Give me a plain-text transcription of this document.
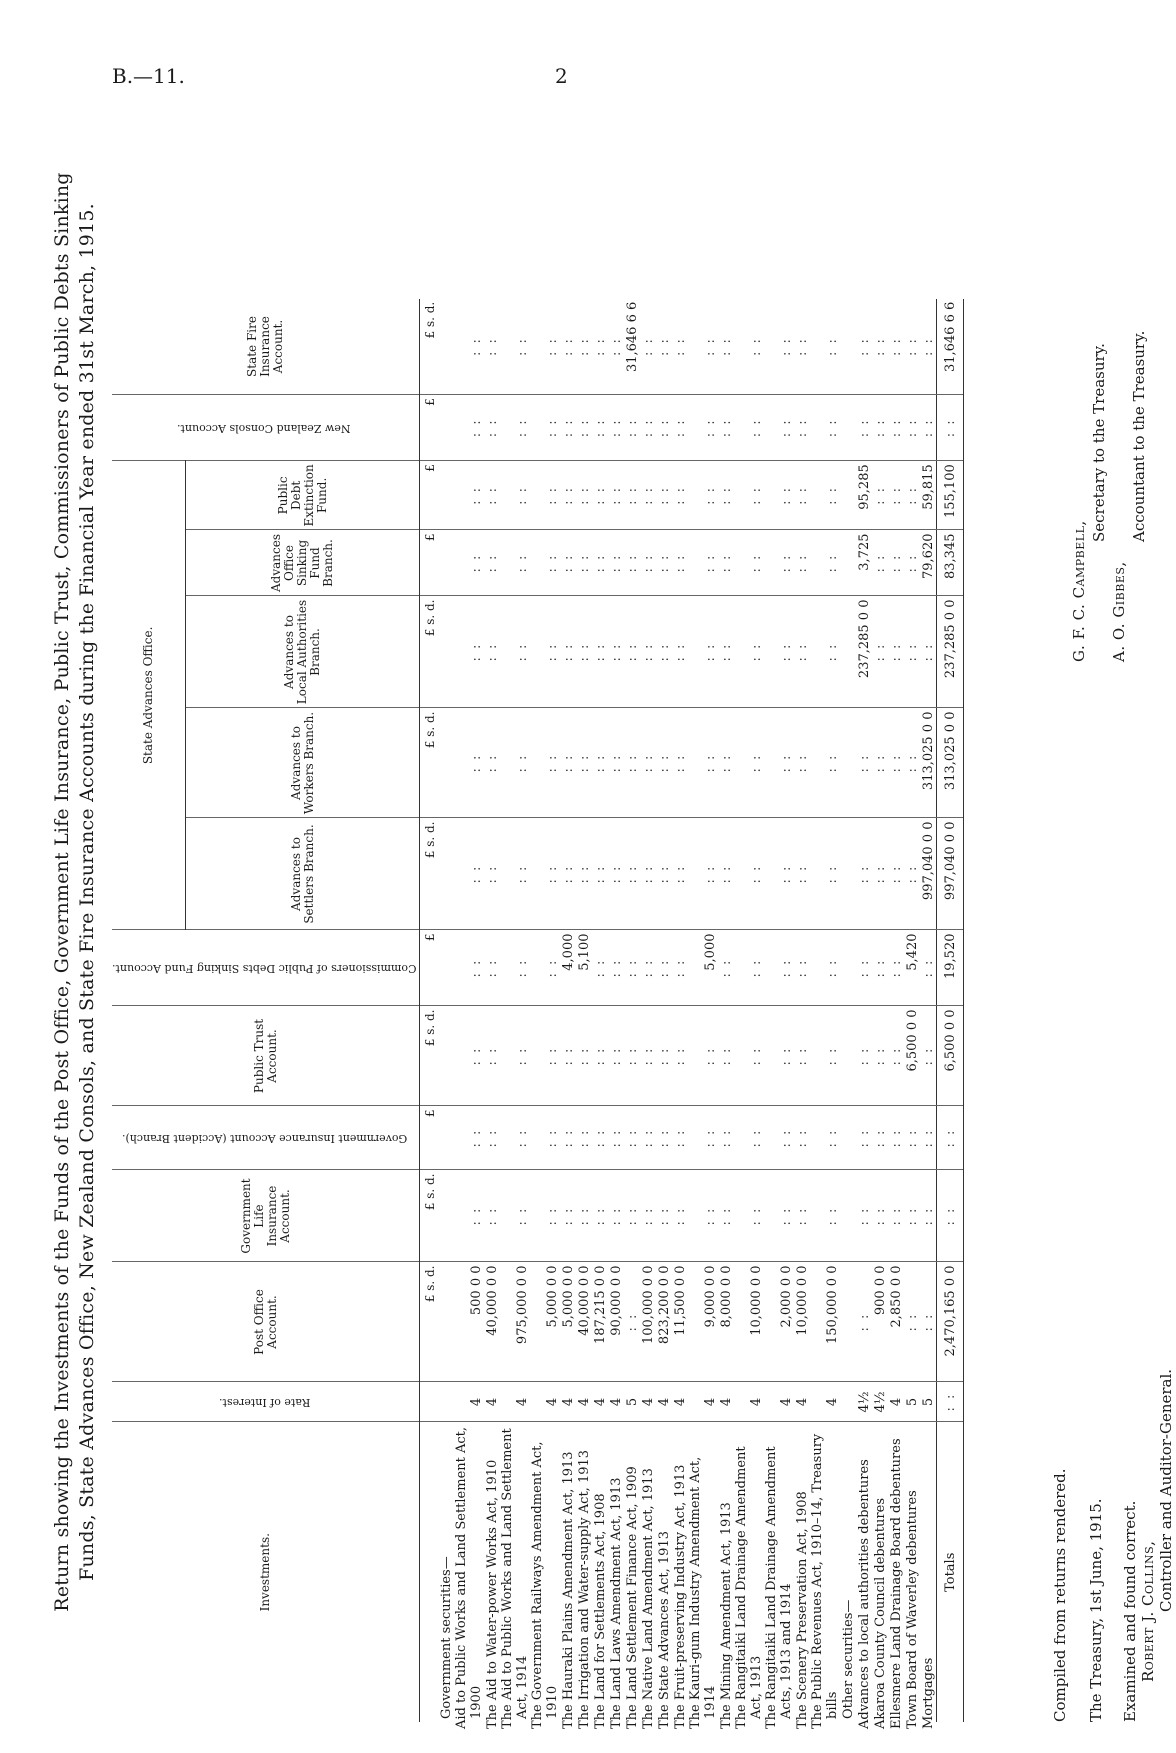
B.—11.	2
Return showing the Investments of the Funds of the Post Office, Government Life Insurance, Public Trust, Commissioners of Public Debts Sinking Funds, State Advances Office, New Zealand Consols, and State Fire Insurance Accounts during the Financial Year ended 31st March, 1915.	Investments.	Rate of Interest.	Post Office Account.	Government Life Insurance Account.	Government Insurance Account (Accident Branch).	Public Trust Account.	Commissioners of Public Debts Sinking Fund Account.	State Advances Office.					New Zealand Consols Account.	State Fire Insurance Account.
							Advances to Settlers Branch.	Advances to Workers Branch.	Advances to Local Authorities Branch.	Advances Office Sinking Fund Branch.	Public Debt Extinction Fund.		
		£ s. d.	£ s. d.	£	£ s. d.	£	£ s. d.	£ s. d.	£ s. d.	£	£	£	£ s. d.
Government securities—													
Aid to Public Works and Land Settlement Act, 1900	4	500 0 0	: :	: :	: :	: :	: :	: :	: :	: :	: :	: :	: :
The Aid to Water-power Works Act, 1910	4	40,000 0 0	: :	: :	: :	: :	: :	: :	: :	: :	: :	: :	: :
The Aid to Public Works and Land Settlement Act, 1914	4	975,000 0 0	: :	: :	: :	: :	: :	: :	: :	: :	: :	: :	: :
The Government Railways Amendment Act, 1910	4	5,000 0 0	: :	: :	: :	: :	: :	: :	: :	: :	: :	: :	: :
The Hauraki Plains Amendment Act, 1913	4	5,000 0 0	: :	: :	: :	4,000	: :	: :	: :	: :	: :	: :	: :
The Irrigation and Water-supply Act, 1913	4	40,000 0 0	: :	: :	: :	5,100	: :	: :	: :	: :	: :	: :	: :
The Land for Settlements Act, 1908	4	187,215 0 0	: :	: :	: :	: :	: :	: :	: :	: :	: :	: :	: :
The Land Laws Amendment Act, 1913	4	90,000 0 0	: :	: :	: :	: :	: :	: :	: :	: :	: :	: :	: :
The Land Settlement Finance Act, 1909	5	: :	: :	: :	: :	: :	: :	: :	: :	: :	: :	: :	31,646 6 6
The Native Land Amendment Act, 1913	4	100,000 0 0	: :	: :	: :	: :	: :	: :	: :	: :	: :	: :	: :
The State Advances Act, 1913	4	823,200 0 0	: :	: :	: :	: :	: :	: :	: :	: :	: :	: :	: :
The Fruit-preserving Industry Act, 1913	4	11,500 0 0	: :	: :	: :	: :	: :	: :	: :	: :	: :	: :	: :
The Kauri-gum Industry Amendment Act, 1914	4	9,000 0 0	: :	: :	: :	5,000	: :	: :	: :	: :	: :	: :	: :
The Mining Amendment Act, 1913	4	8,000 0 0	: :	: :	: :	: :	: :	: :	: :	: :	: :	: :	: :
The Rangitaiki Land Drainage Amendment Act, 1913	4	10,000 0 0	: :	: :	: :	: :	: :	: :	: :	: :	: :	: :	: :
The Rangitaiki Land Drainage Amendment Acts, 1913 and 1914	4	2,000 0 0	: :	: :	: :	: :	: :	: :	: :	: :	: :	: :	: :
The Scenery Preservation Act, 1908	4	10,000 0 0	: :	: :	: :	: :	: :	: :	: :	: :	: :	: :	: :
The Public Revenues Act, 1910–14, Treasury bills	4	150,000 0 0	: :	: :	: :	: :	: :	: :	: :	: :	: :	: :	: :
Other securities—													
Advances to local authorities debentures	4½	: :	: :	: :	: :	: :	: :	: :	237,285 0 0	3,725	95,285	: :	: :
Akaroa County Council debentures	4½	900 0 0	: :	: :	: :	: :	: :	: :	: :	: :	: :	: :	: :
Ellesmere Land Drainage Board debentures	4	2,850 0 0	: :	: :	: :	: :	: :	: :	: :	: :	: :	: :	: :
Town Board of Waverley debentures	5	: :	: :	: :	6,500 0 0	5,420	: :	: :	: :	: :	: :	: :	: :
Mortgages	5	: :	: :	: :	: :	: :	997,040 0 0	313,025 0 0	: :	79,620	59,815	: :	: :
Totals	: :	2,470,165 0 0	: :	: :	6,500 0 0	19,520	997,040 0 0	313,025 0 0	237,285 0 0	83,345	155,100	: :	31,646 6 6
Compiled from returns rendered. The Treasury, 1st June, 1915. Examined and found correct. Robert J. Collins, Controller and Auditor-General.
G. F. C. Campbell,
Secretary to the Treasury.
A. O. Gibbes,
Accountant to the Treasury.
